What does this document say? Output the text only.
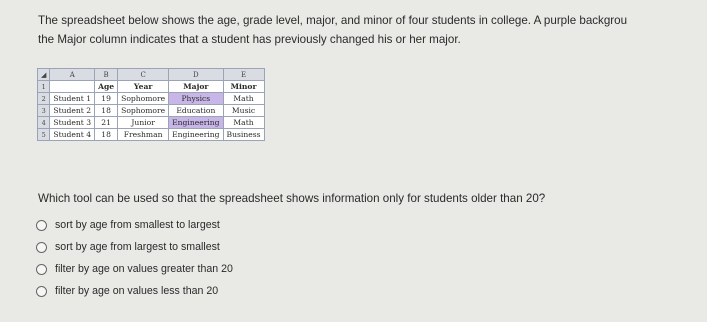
The spreadsheet below shows the age, grade level, major, and minor of four students in college. A purple backgrou
the Major column indicates that a student has previously changed his or her major.
◢	A	B	C	D	E
1		Age	Year	Major	Minor
2	Student 1	19	Sophomore	Physics	Math
3	Student 2	18	Sophomore	Education	Music
4	Student 3	21	Junior	Engineering	Math
5	Student 4	18	Freshman	Engineering	Business
Which tool can be used so that the spreadsheet shows information only for students older than 20?
sort by age from smallest to largest
sort by age from largest to smallest
filter by age on values greater than 20
filter by age on values less than 20
